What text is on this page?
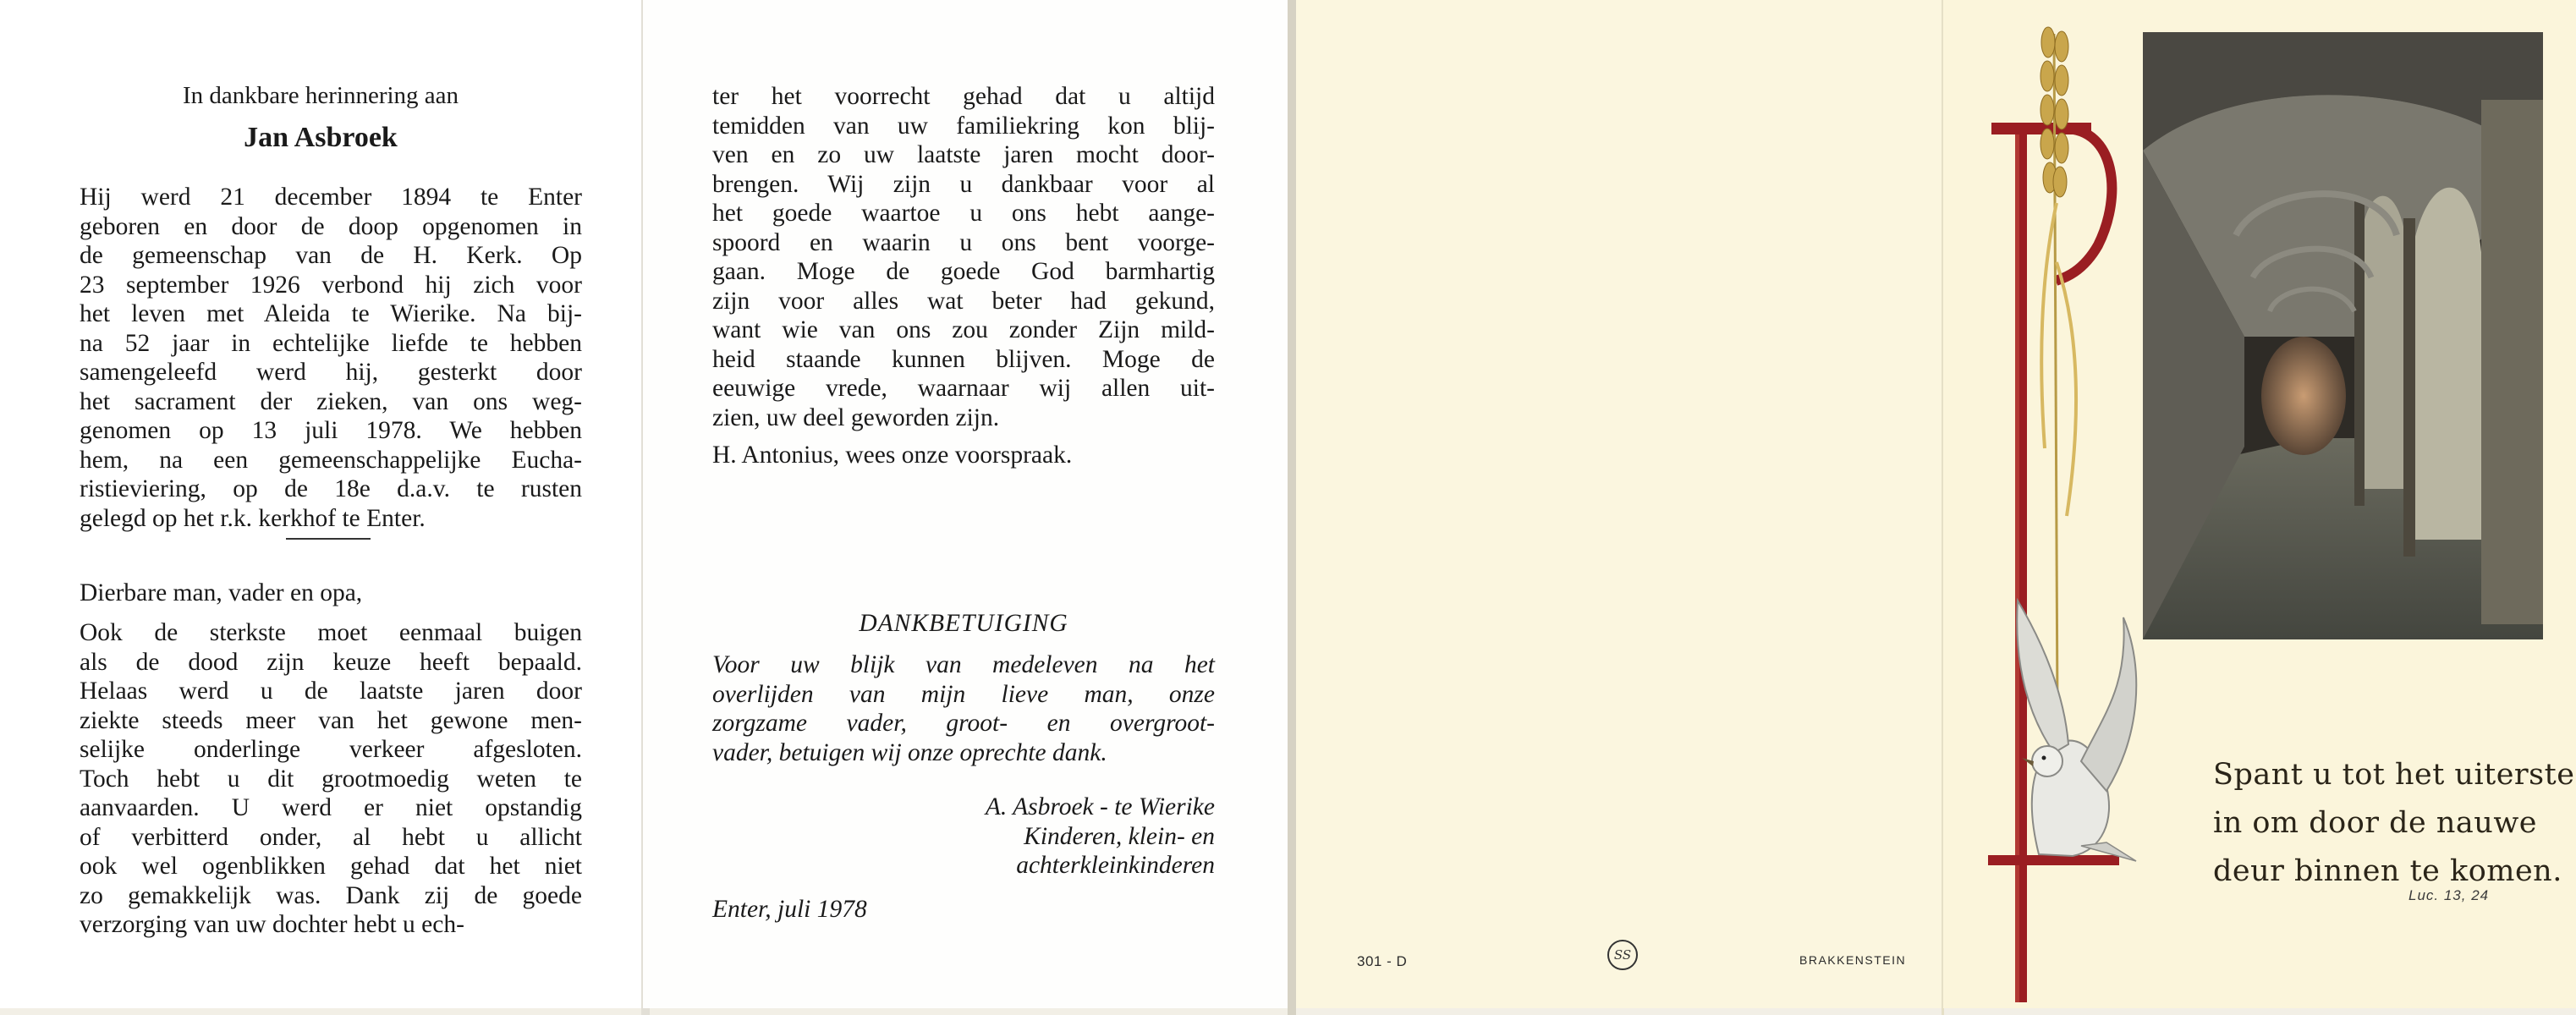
In dankbare herinnering aan
Jan Asbroek
Hij werd 21 december 1894 te Enter
geboren en door de doop opgenomen in
de gemeenschap van de H. Kerk. Op
23 september 1926 verbond hij zich voor
het leven met Aleida te Wierike. Na bij-
na 52 jaar in echtelijke liefde te hebben
samengeleefd werd hij, gesterkt door
het sacrament der zieken, van ons weg-
genomen op 13 juli 1978. We hebben
hem, na een gemeenschappelijke Eucha-
ristieviering, op de 18e d.a.v. te rusten
gelegd op het r.k. kerkhof te Enter.
Dierbare man, vader en opa,
Ook de sterkste moet eenmaal buigen
als de dood zijn keuze heeft bepaald.
Helaas werd u de laatste jaren door
ziekte steeds meer van het gewone men-
selijke onderlinge verkeer afgesloten.
Toch hebt u dit grootmoedig weten te
aanvaarden. U werd er niet opstandig
of verbitterd onder, al hebt u allicht
ook wel ogenblikken gehad dat het niet
zo gemakkelijk was. Dank zij de goede
verzorging van uw dochter hebt u ech-
ter het voorrecht gehad dat u altijd
temidden van uw familiekring kon blij-
ven en zo uw laatste jaren mocht door-
brengen. Wij zijn u dankbaar voor al
het goede waartoe u ons hebt aange-
spoord en waarin u ons bent voorge-
gaan. Moge de goede God barmhartig
zijn voor alles wat beter had gekund,
want wie van ons zou zonder Zijn mild-
heid staande kunnen blijven. Moge de
eeuwige vrede, waarnaar wij allen uit-
zien, uw deel geworden zijn.
H. Antonius, wees onze voorspraak.
DANKBETUIGING
Voor uw blijk van medeleven na het
overlijden van mijn lieve man, onze
zorgzame vader, groot- en overgroot-
vader, betuigen wij onze oprechte dank.
A. Asbroek - te Wierike
Kinderen, klein- en
achterkleinkinderen
Enter, juli 1978
301 - D	SS	BRAKKENSTEIN
Spant u tot het uiterste
in om door de nauwe
deur binnen te komen.
Luc. 13, 24
